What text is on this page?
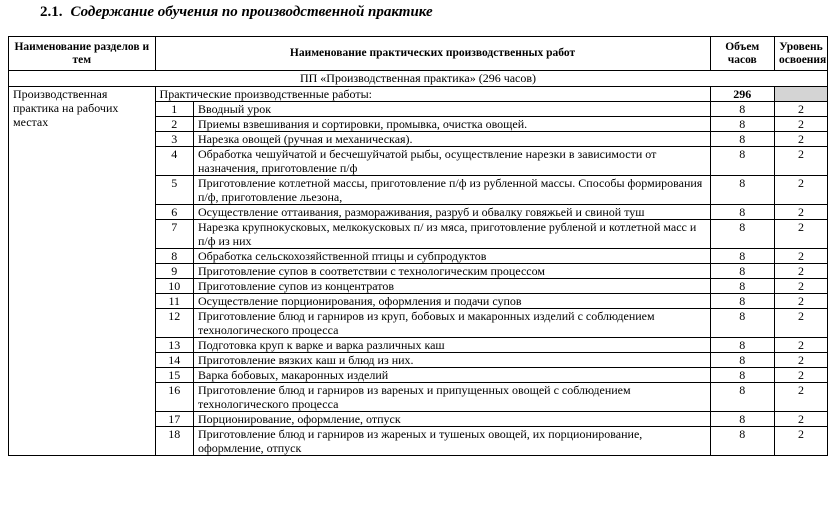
2.1. Содержание обучения по производственной практике
Наименование разделов и тем	Наименование практических производственных работ		Объем часов	Уровень освоения
ПП «Производственная практика» (296 часов)				
Производственная практика на рабочих местах	Практические производственные работы:		296	
	1	Вводный урок	8	2
	2	Приемы взвешивания и сортировки, промывка, очистка овощей.	8	2
	3	Нарезка овощей (ручная и механическая).	8	2
	4	Обработка чешуйчатой и бесчешуйчатой рыбы, осуществление нарезки в зависимости от назначения, приготовление п/ф	8	2
	5	Приготовление котлетной массы, приготовление п/ф из рубленной массы. Способы формирования п/ф, приготовление льезона,	8	2
	6	Осуществление оттаивания, размораживания, разруб и обвалку говяжьей и свиной туш	8	2
	7	Нарезка крупнокусковых, мелкокусковых п/ из мяса, приготовление рубленой и котлетной масс и п/ф из них	8	2
	8	Обработка сельскохозяйственной птицы и субпродуктов	8	2
	9	Приготовление супов в соответствии с технологическим процессом	8	2
	10	Приготовление супов из концентратов	8	2
	11	Осуществление порционирования, оформления и подачи супов	8	2
	12	Приготовление блюд и гарниров из круп, бобовых и макаронных изделий с соблюдением технологического процесса	8	2
	13	Подготовка круп к варке и варка различных каш	8	2
	14	Приготовление вязких каш и блюд из них.	8	2
	15	Варка бобовых, макаронных изделий	8	2
	16	Приготовление блюд и гарниров из вареных и припущенных овощей с соблюдением технологического процесса	8	2
	17	Порционирование, оформление, отпуск	8	2
	18	Приготовление блюд и гарниров из жареных и тушеных овощей, их порционирование, оформление, отпуск	8	2
